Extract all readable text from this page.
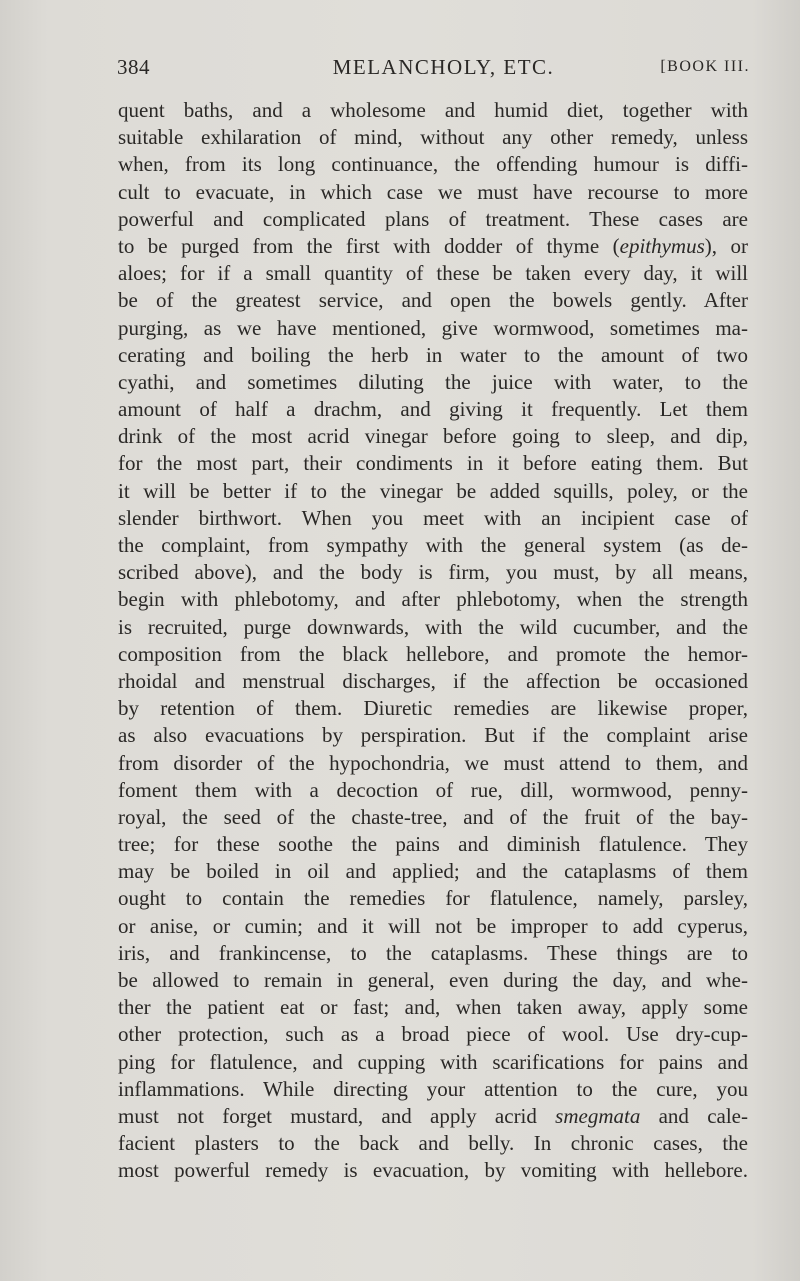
384	MELANCHOLY, ETC.	[BOOK III.
quent baths, and a wholesome and humid diet, together with
suitable exhilaration of mind, without any other remedy, unless
when, from its long continuance, the offending humour is diffi-
cult to evacuate, in which case we must have recourse to more
powerful and complicated plans of treatment. These cases are
to be purged from the first with dodder of thyme (epithymus), or
aloes; for if a small quantity of these be taken every day, it will
be of the greatest service, and open the bowels gently. After
purging, as we have mentioned, give wormwood, sometimes ma-
cerating and boiling the herb in water to the amount of two
cyathi, and sometimes diluting the juice with water, to the
amount of half a drachm, and giving it frequently. Let them
drink of the most acrid vinegar before going to sleep, and dip,
for the most part, their condiments in it before eating them. But
it will be better if to the vinegar be added squills, poley, or the
slender birthwort. When you meet with an incipient case of
the complaint, from sympathy with the general system (as de-
scribed above), and the body is firm, you must, by all means,
begin with phlebotomy, and after phlebotomy, when the strength
is recruited, purge downwards, with the wild cucumber, and the
composition from the black hellebore, and promote the hemor-
rhoidal and menstrual discharges, if the affection be occasioned
by retention of them. Diuretic remedies are likewise proper,
as also evacuations by perspiration. But if the complaint arise
from disorder of the hypochondria, we must attend to them, and
foment them with a decoction of rue, dill, wormwood, penny-
royal, the seed of the chaste-tree, and of the fruit of the bay-
tree; for these soothe the pains and diminish flatulence. They
may be boiled in oil and applied; and the cataplasms of them
ought to contain the remedies for flatulence, namely, parsley,
or anise, or cumin; and it will not be improper to add cyperus,
iris, and frankincense, to the cataplasms. These things are to
be allowed to remain in general, even during the day, and whe-
ther the patient eat or fast; and, when taken away, apply some
other protection, such as a broad piece of wool. Use dry-cup-
ping for flatulence, and cupping with scarifications for pains and
inflammations. While directing your attention to the cure, you
must not forget mustard, and apply acrid smegmata and cale-
facient plasters to the back and belly. In chronic cases, the
most powerful remedy is evacuation, by vomiting with hellebore.
